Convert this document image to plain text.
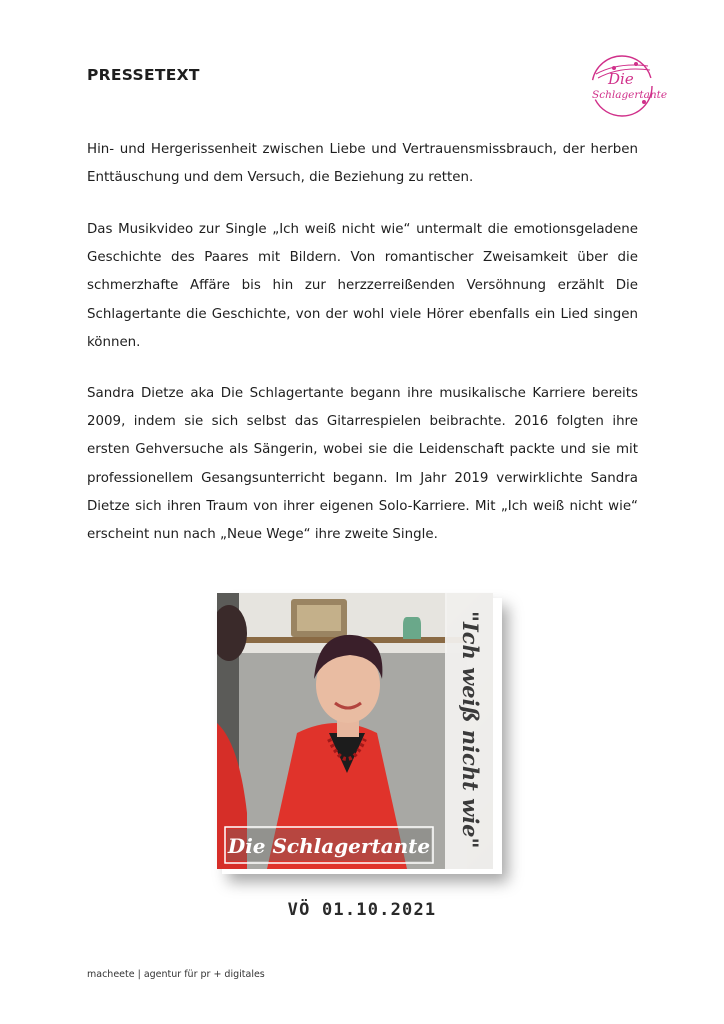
PRESSETEXT	Die
Schlagertante

Hin- und Hergerissenheit zwischen Liebe und Vertrauensmissbrauch, der herben Enttäuschung und dem Versuch, die Beziehung zu retten.

Das Musikvideo zur Single „Ich weiß nicht wie“ untermalt die emotionsgeladene Geschichte des Paares mit Bildern. Von romantischer Zweisamkeit über die schmerzhafte Affäre bis hin zur herzzerreißenden Versöhnung erzählt Die Schlagertante die Geschichte, von der wohl viele Hörer ebenfalls ein Lied singen können.

Sandra Dietze aka Die Schlagertante begann ihre musikalische Karriere bereits 2009, indem sie sich selbst das Gitarrespielen beibrachte. 2016 folgten ihre ersten Gehversuche als Sängerin, wobei sie die Leidenschaft packte und sie mit professionellem Gesangsunterricht begann. Im Jahr 2019 verwirklichte Sandra Dietze sich ihren Traum von ihrer eigenen Solo-Karriere. Mit „Ich weiß nicht wie“ erscheint nun nach „Neue Wege“ ihre zweite Single.

"Ich weiß nicht wie"
Die Schlagertante
VÖ 01.10.2021
macheete | agentur für pr + digitales
